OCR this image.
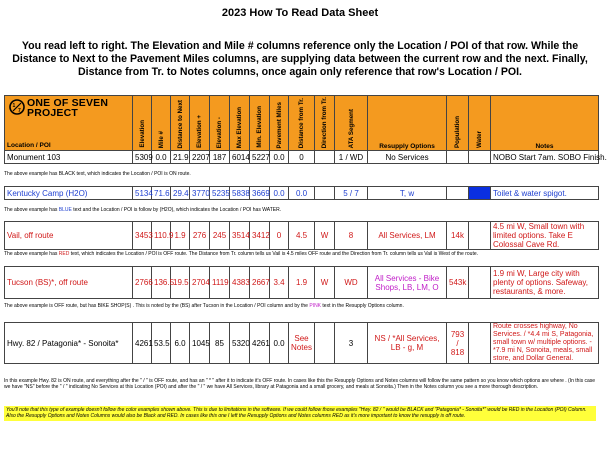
2023 How To Read Data Sheet
You read left to right. The Elevation and Mile # columns reference only the Location / POI of that row. While the Distance to Next to the Pavement Miles columns, are supplying data between the current row and the next. Finally, Distance from Tr. to Notes columns, once again only reference that row's Location / POI.
1
7
ONE OF SEVEN
PROJECT
Location / POI	Elevation	Mile #	Distance to Next	Elevation +	Elevation -	Max Elevation	Min. Elevation	Pavement Miles	Distance from Tr.	Direction from Tr.	ATA Segment	Resupply Options	Population	Water	Notes
Monument 103	5309	0.0	21.9	2207	187	6014	5227	0.0	0		1 / WD	No Services			NOBO Start 7am. SOBO Finish.
The above example has BLACK text, which indicates the Location / POI is ON route.
Kentucky Camp (H2O)	5134	71.6	29.4	3770	5235	5838	3669	0.0	0.0		5 / 7	T, w			Toilet & water spigot.
The above example has BLUE text and the Location / POI is follow by (H2O), which indicates the Location / POI has WATER.
Vail, off route	3453	110.9	1.9	276	245	3514	3412	0	4.5	W	8	All Services, LM	14k		4.5 mi W, Small town with limited options. Take E Colossal Cave Rd.
The above example has RED text, which indicates the Location / POI is OFF route. The Distance from Tr. column tells us Vail is 4.5 miles OFF route and the Direction from Tr. column tells us Vail is West of the route.
Tucson (BS)*, off route	2766	136.5	19.5	2704	1119	4383	2667	3.4	1.9	W	WD	All Services - Bike Shops, LB, LM, O	543k		1.9 mi W, Large city with plenty of options. Safeway, restaurants, & more.
The above example is OFF route, but has BIKE SHOP(S) . This is noted by the (BS) after Tucson in the Location / POI column and by the PINK text in the Resupply Options column.
Hwy. 82 / Patagonia* - Sonoita*	4261	53.5	6.0	1045	85	5320	4261	0.0	See Notes		3	NS / *All Services, LB - g, M	793 / 818		Route crosses highway, No Services. / *4.4 mi S, Patagonia, small town w/ multiple options. - *7.9 mi N, Sonoita, meals, small store, and Dollar General.
In this example Hwy. 82 is ON route, and everything after the " / " is OFF route, and has an " * " after it to indicate it's OFF route. In cases like this the Resupply Options and Notes columns will follow the same pattern so you know which options are where . (In this case we have "NS" before the " / " indicating No Services at this Location (POI) and after the " / " we have All Services, library at Patagonia and a small grocery, and meals at Sonoita.) Then in the Notes column you see a more thorough description.
You'll note that this type of example doesn't follow the color examples shown above. This is due to limitations in the software. If we could follow those examples "Hwy. 82 / " would be BLACK and "Patagonia* - Sonoita*" would be RED in the Location (POI) Column. Also the Resupply Options and Notes Columns would also be Black and RED. In cases like this one I left the Resupply Options and Notes columns RED as it's more important to know the resupply is off route.
